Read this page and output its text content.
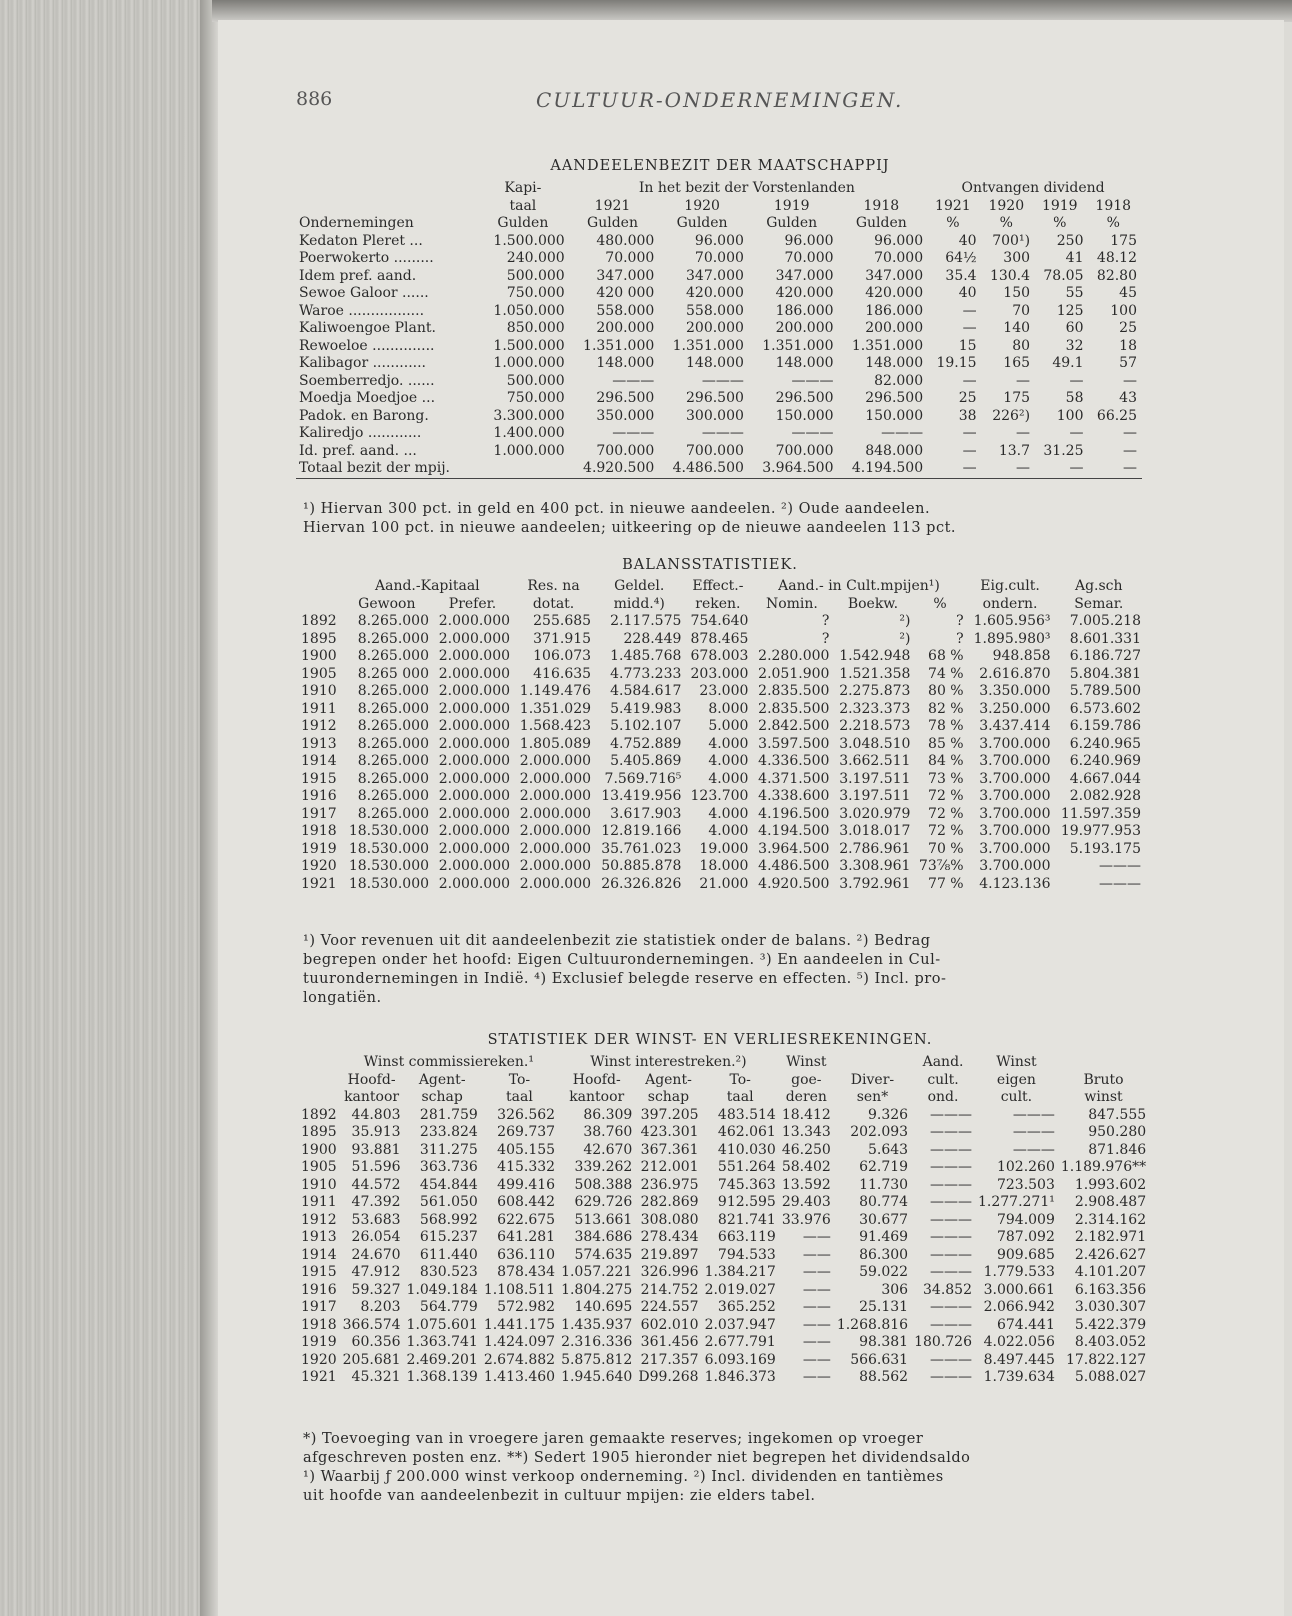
886	CULTUUR-ONDERNEMINGEN.
AANDEELENBEZIT DER MAATSCHAPPIJ
	Kapi-	In het bezit der Vorstenlanden				Ontvangen dividend			
	taal	1921	1920	1919	1918	1921	1920	1919	1918
Ondernemingen	Gulden	Gulden	Gulden	Gulden	Gulden	%	%	%	%
Kedaton Pleret ...	1.500.000	480.000	96.000	96.000	96.000	40	700¹)	250	175
Poerwokerto .........	240.000	70.000	70.000	70.000	70.000	64½	300	41	48.12
Idem pref. aand.	500.000	347.000	347.000	347.000	347.000	35.4	130.4	78.05	82.80
Sewoe Galoor ......	750.000	420 000	420.000	420.000	420.000	40	150	55	45
Waroe .................	1.050.000	558.000	558.000	186.000	186.000	—	70	125	100
Kaliwoengoe Plant.	850.000	200.000	200.000	200.000	200.000	—	140	60	25
Rewoeloe ..............	1.500.000	1.351.000	1.351.000	1.351.000	1.351.000	15	80	32	18
Kalibagor ............	1.000.000	148.000	148.000	148.000	148.000	19.15	165	49.1	57
Soemberredjo. ......	500.000	———	———	———	82.000	—	—	—	—
Moedja Moedjoe ...	750.000	296.500	296.500	296.500	296.500	25	175	58	43
Padok. en Barong.	3.300.000	350.000	300.000	150.000	150.000	38	226²)	100	66.25
Kaliredjo ............	1.400.000	———	———	———	———	—	—	—	—
Id. pref. aand. ...	1.000.000	700.000	700.000	700.000	848.000	—	13.7	31.25	—
Totaal bezit der mpij.		4.920.500	4.486.500	3.964.500	4.194.500	—	—	—	—
¹) Hiervan 300 pct. in geld en 400 pct. in nieuwe aandeelen. ²) Oude aandeelen.
Hiervan 100 pct. in nieuwe aandeelen; uitkeering op de nieuwe aandeelen 113 pct.
BALANSSTATISTIEK.
	Aand.-Kapitaal		Res. na	Geldel.	Effect.-	Aand.- in Cult.mpijen¹)			Eig.cult.	Ag.sch
	Gewoon	Prefer.	dotat.	midd.⁴)	reken.	Nomin.	Boekw.	%	ondern.	Semar.
1892	8.265.000	2.000.000	255.685	2.117.575	754.640	?	²)	?	1.605.956³	7.005.218
1895	8.265.000	2.000.000	371.915	228.449	878.465	?	²)	?	1.895.980³	8.601.331
1900	8.265.000	2.000.000	106.073	1.485.768	678.003	2.280.000	1.542.948	68 %	948.858	6.186.727
1905	8.265 000	2.000.000	416.635	4.773.233	203.000	2.051.900	1.521.358	74 %	2.616.870	5.804.381
1910	8.265.000	2.000.000	1.149.476	4.584.617	23.000	2.835.500	2.275.873	80 %	3.350.000	5.789.500
1911	8.265.000	2.000.000	1.351.029	5.419.983	8.000	2.835.500	2.323.373	82 %	3.250.000	6.573.602
1912	8.265.000	2.000.000	1.568.423	5.102.107	5.000	2.842.500	2.218.573	78 %	3.437.414	6.159.786
1913	8.265.000	2.000.000	1.805.089	4.752.889	4.000	3.597.500	3.048.510	85 %	3.700.000	6.240.965
1914	8.265.000	2.000.000	2.000.000	5.405.869	4.000	4.336.500	3.662.511	84 %	3.700.000	6.240.969
1915	8.265.000	2.000.000	2.000.000	7.569.716⁵	4.000	4.371.500	3.197.511	73 %	3.700.000	4.667.044
1916	8.265.000	2.000.000	2.000.000	13.419.956	123.700	4.338.600	3.197.511	72 %	3.700.000	2.082.928
1917	8.265.000	2.000.000	2.000.000	3.617.903	4.000	4.196.500	3.020.979	72 %	3.700.000	11.597.359
1918	18.530.000	2.000.000	2.000.000	12.819.166	4.000	4.194.500	3.018.017	72 %	3.700.000	19.977.953
1919	18.530.000	2.000.000	2.000.000	35.761.023	19.000	3.964.500	2.786.961	70 %	3.700.000	5.193.175
1920	18.530.000	2.000.000	2.000.000	50.885.878	18.000	4.486.500	3.308.961	73⅞%	3.700.000	———
1921	18.530.000	2.000.000	2.000.000	26.326.826	21.000	4.920.500	3.792.961	77 %	4.123.136	———
¹) Voor revenuen uit dit aandeelenbezit zie statistiek onder de balans. ²) Bedrag
begrepen onder het hoofd: Eigen Cultuurondernemingen. ³) En aandeelen in Cul-
tuurondernemingen in Indië. ⁴) Exclusief belegde reserve en effecten. ⁵) Incl. pro-
longatiën.
STATISTIEK DER WINST- EN VERLIESREKENINGEN.
	Winst commissiereken.¹			Winst interestreken.²)			Winst		Aand.	Winst	
	Hoofd-	Agent-	To-	Hoofd-	Agent-	To-	goe-	Diver-	cult.	eigen	Bruto
	kantoor	schap	taal	kantoor	schap	taal	deren	sen*	ond.	cult.	winst
1892	44.803	281.759	326.562	86.309	397.205	483.514	18.412	9.326	———	———	847.555
1895	35.913	233.824	269.737	38.760	423.301	462.061	13.343	202.093	———	———	950.280
1900	93.881	311.275	405.155	42.670	367.361	410.030	46.250	5.643	———	———	871.846
1905	51.596	363.736	415.332	339.262	212.001	551.264	58.402	62.719	———	102.260	1.189.976**
1910	44.572	454.844	499.416	508.388	236.975	745.363	13.592	11.730	———	723.503	1.993.602
1911	47.392	561.050	608.442	629.726	282.869	912.595	29.403	80.774	———	1.277.271¹	2.908.487
1912	53.683	568.992	622.675	513.661	308.080	821.741	33.976	30.677	———	794.009	2.314.162
1913	26.054	615.237	641.281	384.686	278.434	663.119	——	91.469	———	787.092	2.182.971
1914	24.670	611.440	636.110	574.635	219.897	794.533	——	86.300	———	909.685	2.426.627
1915	47.912	830.523	878.434	1.057.221	326.996	1.384.217	——	59.022	———	1.779.533	4.101.207
1916	59.327	1.049.184	1.108.511	1.804.275	214.752	2.019.027	——	306	34.852	3.000.661	6.163.356
1917	8.203	564.779	572.982	140.695	224.557	365.252	——	25.131	———	2.066.942	3.030.307
1918	366.574	1.075.601	1.441.175	1.435.937	602.010	2.037.947	——	1.268.816	———	674.441	5.422.379
1919	60.356	1.363.741	1.424.097	2.316.336	361.456	2.677.791	——	98.381	180.726	4.022.056	8.403.052
1920	205.681	2.469.201	2.674.882	5.875.812	217.357	6.093.169	——	566.631	———	8.497.445	17.822.127
1921	45.321	1.368.139	1.413.460	1.945.640	D99.268	1.846.373	——	88.562	———	1.739.634	5.088.027
*) Toevoeging van in vroegere jaren gemaakte reserves; ingekomen op vroeger
afgeschreven posten enz. **) Sedert 1905 hieronder niet begrepen het dividendsaldo
¹) Waarbij ƒ 200.000 winst verkoop onderneming. ²) Incl. dividenden en tantièmes
uit hoofde van aandeelenbezit in cultuur mpijen: zie elders tabel.
